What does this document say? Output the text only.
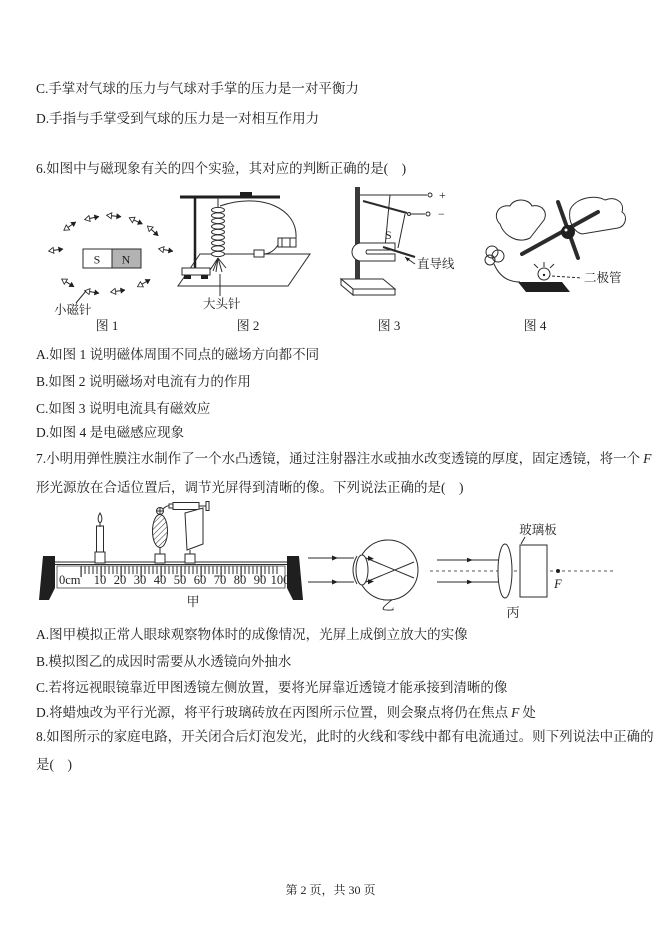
C.手掌对气球的压力与气球对手掌的压力是一对平衡力
D.手指与手掌受到气球的压力是一对相互作用力
6.如图中与磁现象有关的四个实验，其对应的判断正确的是(　)
S N
小磁针
图 1
大头针
图 2
+
−
S
直导线
图 3
二极管
图 4
A.如图 1 说明磁体周围不同点的磁场方向都不同
B.如图 2 说明磁场对电流有力的作用
C.如图 3 说明电流具有磁效应
D.如图 4 是电磁感应现象
7.小明用弹性膜注水制作了一个水凸透镜，通过注射器注水或抽水改变透镜的厚度，固定透镜，将一个 F
形光源放在合适位置后，调节光屏得到清晰的像。下列说法正确的是(　)
0cm 10 20 30 40 50 60 70 80 90 100
甲	乙
玻璃板
F
丙
A.图甲模拟正常人眼球观察物体时的成像情况，光屏上成倒立放大的实像
B.模拟图乙的成因时需要从水透镜向外抽水
C.若将远视眼镜靠近甲图透镜左侧放置，要将光屏靠近透镜才能承接到清晰的像
D.将蜡烛改为平行光源，将平行玻璃砖放在丙图所示位置，则会聚点将仍在焦点 F 处
8.如图所示的家庭电路，开关闭合后灯泡发光，此时的火线和零线中都有电流通过。则下列说法中正确的
是(　)
第 2 页，共 30 页
